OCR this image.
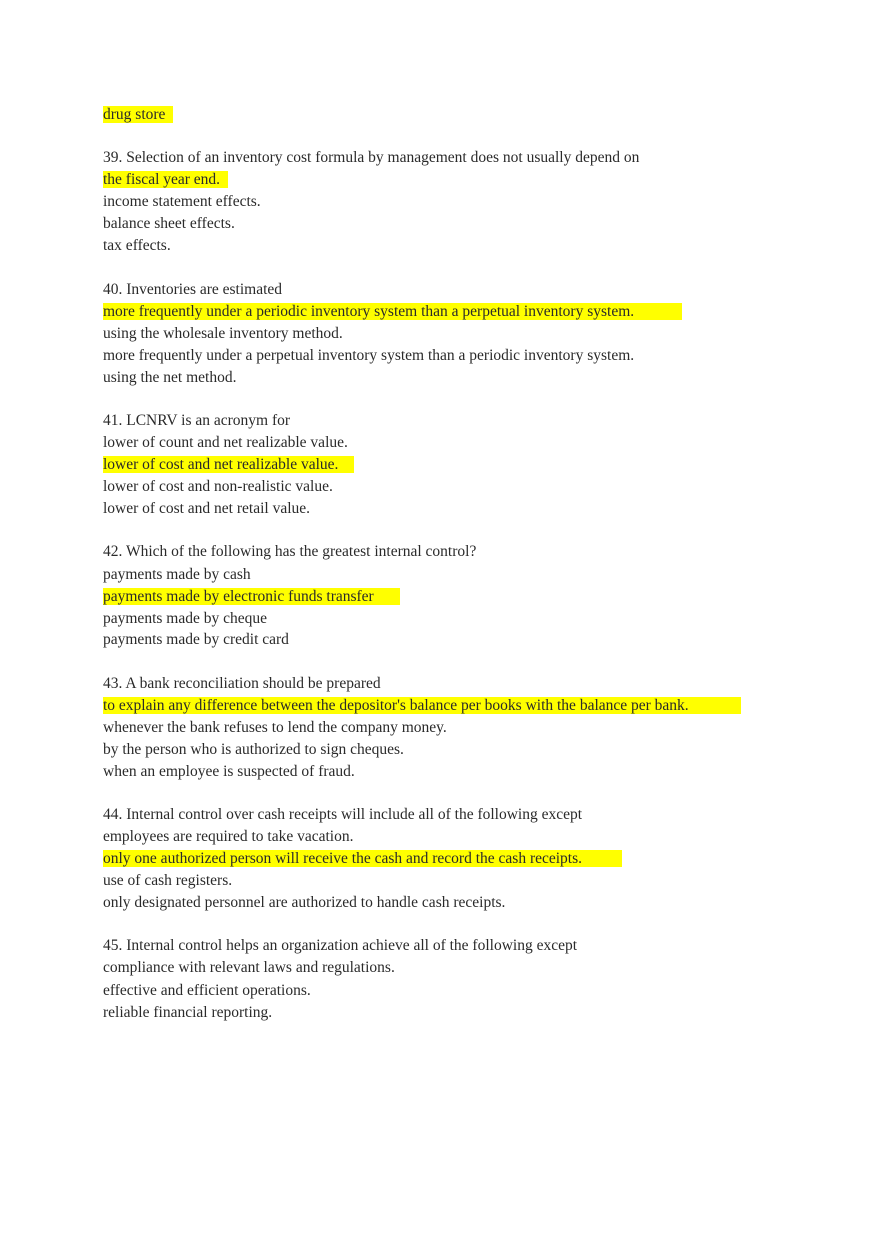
drug store
39. Selection of an inventory cost formula by management does not usually depend on
the fiscal year end.
income statement effects.
balance sheet effects.
tax effects.
40. Inventories are estimated
more frequently under a periodic inventory system than a perpetual inventory system.
using the wholesale inventory method.
more frequently under a perpetual inventory system than a periodic inventory system.
using the net method.
41. LCNRV is an acronym for
lower of count and net realizable value.
lower of cost and net realizable value.
lower of cost and non-realistic value.
lower of cost and net retail value.
42. Which of the following has the greatest internal control?
payments made by cash
payments made by electronic funds transfer
payments made by cheque
payments made by credit card
43. A bank reconciliation should be prepared
to explain any difference between the depositor's balance per books with the balance per bank.
whenever the bank refuses to lend the company money.
by the person who is authorized to sign cheques.
when an employee is suspected of fraud.
44. Internal control over cash receipts will include all of the following except
employees are required to take vacation.
only one authorized person will receive the cash and record the cash receipts.
use of cash registers.
only designated personnel are authorized to handle cash receipts.
45. Internal control helps an organization achieve all of the following except
compliance with relevant laws and regulations.
effective and efficient operations.
reliable financial reporting.
